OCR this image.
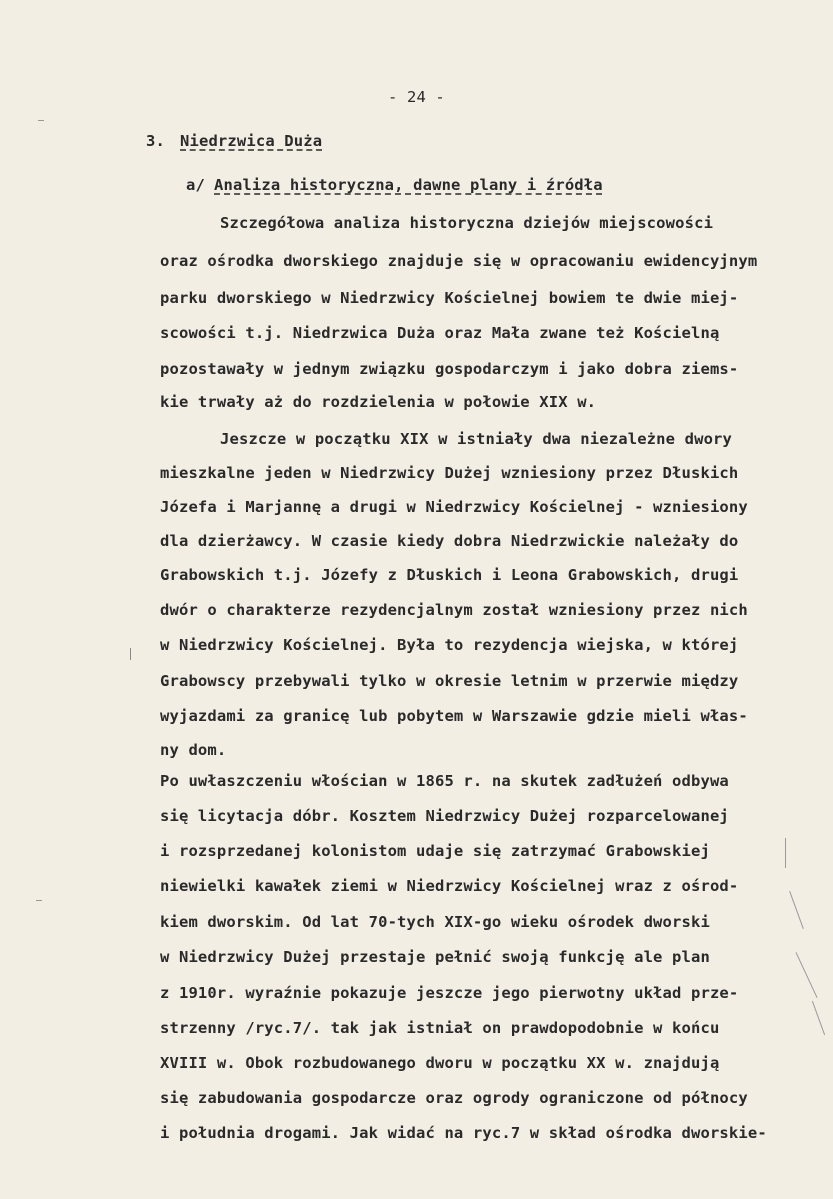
- 24 -
3. Niedrzwica Duża
a/ Analiza historyczna, dawne plany i źródła
Szczegółowa analiza historyczna dziejów miejscowości
oraz ośrodka dworskiego znajduje się w opracowaniu ewidencyjnym
parku dworskiego w Niedrzwicy Kościelnej bowiem te dwie miej-
scowości t.j. Niedrzwica Duża oraz Mała zwane też Kościelną
pozostawały w jednym związku gospodarczym i jako dobra ziems-
kie trwały aż do rozdzielenia w połowie XIX w.
Jeszcze w początku XIX w istniały dwa niezależne dwory
mieszkalne jeden w Niedrzwicy Dużej wzniesiony przez Dłuskich
Józefa i Marjannę a drugi w Niedrzwicy Kościelnej - wzniesiony
dla dzierżawcy. W czasie kiedy dobra Niedrzwickie należały do
Grabowskich t.j. Józefy z Dłuskich i Leona Grabowskich, drugi
dwór o charakterze rezydencjalnym został wzniesiony przez nich
w Niedrzwicy Kościelnej. Była to rezydencja wiejska, w której
Grabowscy przebywali tylko w okresie letnim w przerwie między
wyjazdami za granicę lub pobytem w Warszawie gdzie mieli włas-
ny dom.
Po uwłaszczeniu włościan w 1865 r. na skutek zadłużeń odbywa
się licytacja dóbr. Kosztem Niedrzwicy Dużej rozparcelowanej
i rozsprzedanej kolonistom udaje się zatrzymać Grabowskiej
niewielki kawałek ziemi w Niedrzwicy Kościelnej wraz z ośrod-
kiem dworskim. Od lat 70-tych XIX-go wieku ośrodek dworski
w Niedrzwicy Dużej przestaje pełnić swoją funkcję ale plan
z 1910r. wyraźnie pokazuje jeszcze jego pierwotny układ prze-
strzenny /ryc.7/. tak jak istniał on prawdopodobnie w końcu
XVIII w. Obok rozbudowanego dworu w początku XX w. znajdują
się zabudowania gospodarcze oraz ogrody ograniczone od północy
i południa drogami. Jak widać na ryc.7 w skład ośrodka dworskie-
